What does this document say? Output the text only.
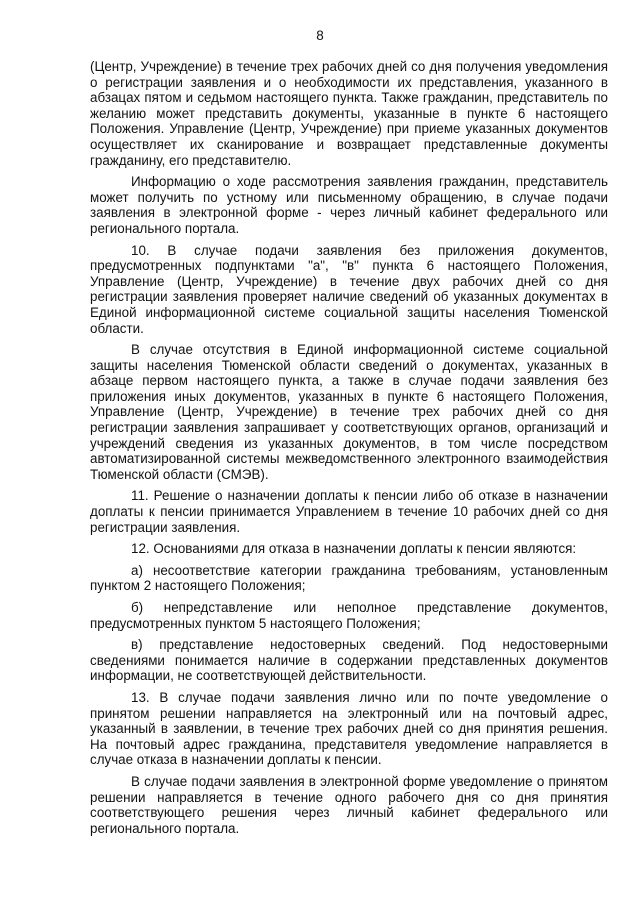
8

(Центр, Учреждение) в течение трех рабочих дней со дня получения уведомления о регистрации заявления и о необходимости их представления, указанного в абзацах пятом и седьмом настоящего пункта. Также гражданин, представитель по желанию может представить документы, указанные в пункте 6 настоящего Положения. Управление (Центр, Учреждение) при приеме указанных документов осуществляет их сканирование и возвращает представленные документы гражданину, его представителю.

Информацию о ходе рассмотрения заявления гражданин, представитель может получить по устному или письменному обращению, в случае подачи заявления в электронной форме - через личный кабинет федерального или регионального портала.

10. В случае подачи заявления без приложения документов, предусмотренных подпунктами "а", "в" пункта 6 настоящего Положения, Управление (Центр, Учреждение) в течение двух рабочих дней со дня регистрации заявления проверяет наличие сведений об указанных документах в Единой информационной системе социальной защиты населения Тюменской области.

В случае отсутствия в Единой информационной системе социальной защиты населения Тюменской области сведений о документах, указанных в абзаце первом настоящего пункта, а также в случае подачи заявления без приложения иных документов, указанных в пункте 6 настоящего Положения, Управление (Центр, Учреждение) в течение трех рабочих дней со дня регистрации заявления запрашивает у соответствующих органов, организаций и учреждений сведения из указанных документов, в том числе посредством автоматизированной системы межведомственного электронного взаимодействия Тюменской области (СМЭВ).

11. Решение о назначении доплаты к пенсии либо об отказе в назначении доплаты к пенсии принимается Управлением в течение 10 рабочих дней со дня регистрации заявления.

12. Основаниями для отказа в назначении доплаты к пенсии являются:

а) несоответствие категории гражданина требованиям, установленным пунктом 2 настоящего Положения;

б) непредставление или неполное представление документов, предусмотренных пунктом 5 настоящего Положения;

в) представление недостоверных сведений. Под недостоверными сведениями понимается наличие в содержании представленных документов информации, не соответствующей действительности.

13. В случае подачи заявления лично или по почте уведомление о принятом решении направляется на электронный или на почтовый адрес, указанный в заявлении, в течение трех рабочих дней со дня принятия решения. На почтовый адрес гражданина, представителя уведомление направляется в случае отказа в назначении доплаты к пенсии.

В случае подачи заявления в электронной форме уведомление о принятом решении направляется в течение одного рабочего дня со дня принятия соответствующего решения через личный кабинет федерального или регионального портала.
